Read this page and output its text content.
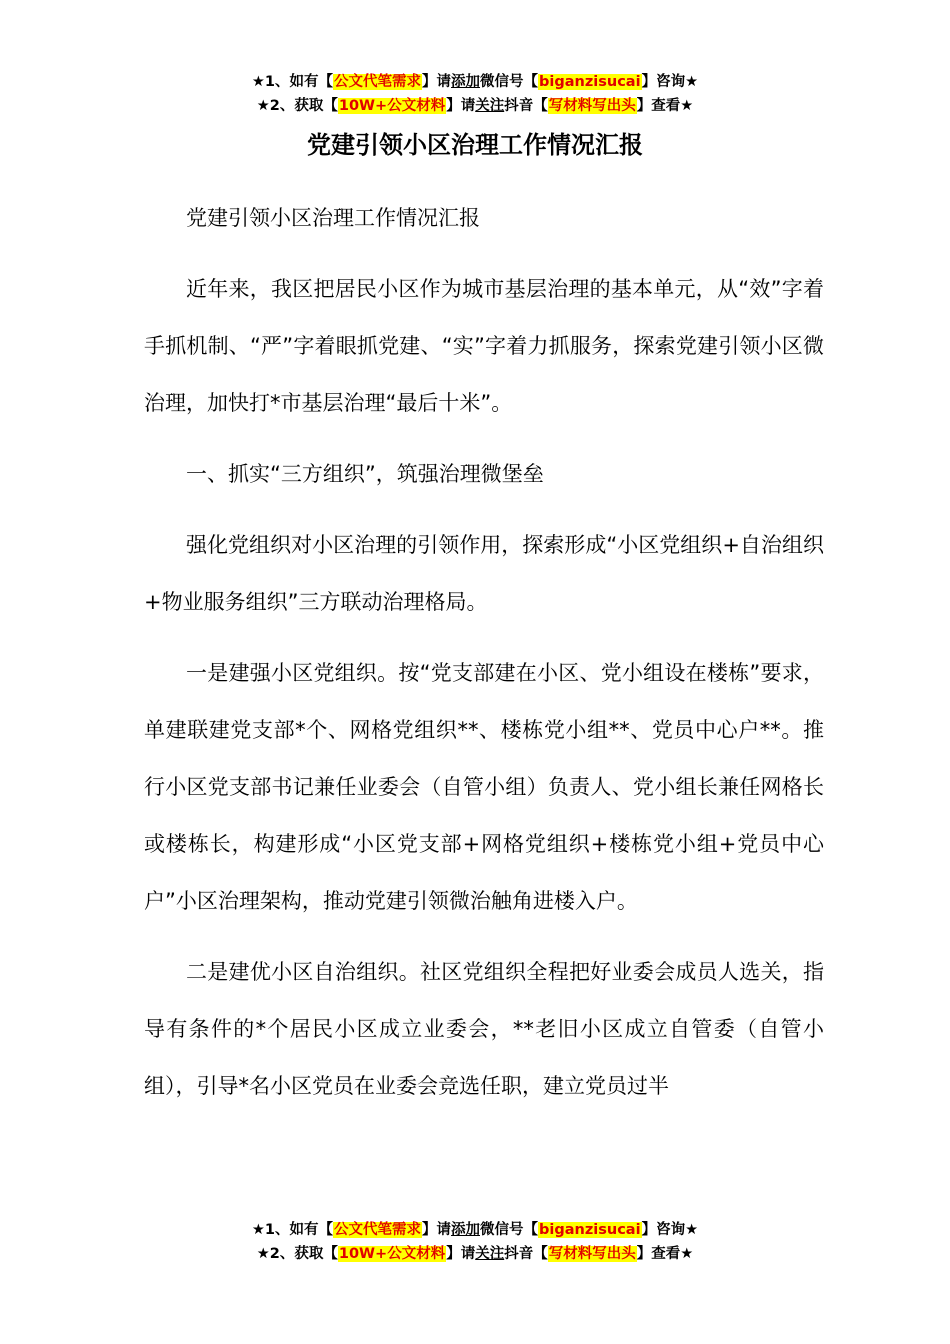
★1、如有【公文代笔需求】请添加微信号【biganzisucai】咨询★
★2、获取【10W+公文材料】请关注抖音【写材料写出头】查看★
党建引领小区治理工作情况汇报

党建引领小区治理工作情况汇报

近年来，我区把居民小区作为城市基层治理的基本单元，从“效”字着手抓机制、“严”字着眼抓党建、“实”字着力抓服务，探索党建引领小区微治理，加快打*市基层治理“最后十米”。

一、抓实“三方组织”，筑强治理微堡垒

强化党组织对小区治理的引领作用，探索形成“小区党组织+自治组织+物业服务组织”三方联动治理格局。

一是建强小区党组织。按“党支部建在小区、党小组设在楼栋”要求，单建联建党支部*个、网格党组织**、楼栋党小组**、党员中心户**。推行小区党支部书记兼任业委会（自管小组）负责人、党小组长兼任网格长或楼栋长，构建形成“小区党支部+网格党组织+楼栋党小组+党员中心户”小区治理架构，推动党建引领微治触角进楼入户。

二是建优小区自治组织。社区党组织全程把好业委会成员人选关，指导有条件的*个居民小区成立业委会，**老旧小区成立自管委（自管小组），引导*名小区党员在业委会竞选任职，建立党员过半

★1、如有【公文代笔需求】请添加微信号【biganzisucai】咨询★
★2、获取【10W+公文材料】请关注抖音【写材料写出头】查看★
